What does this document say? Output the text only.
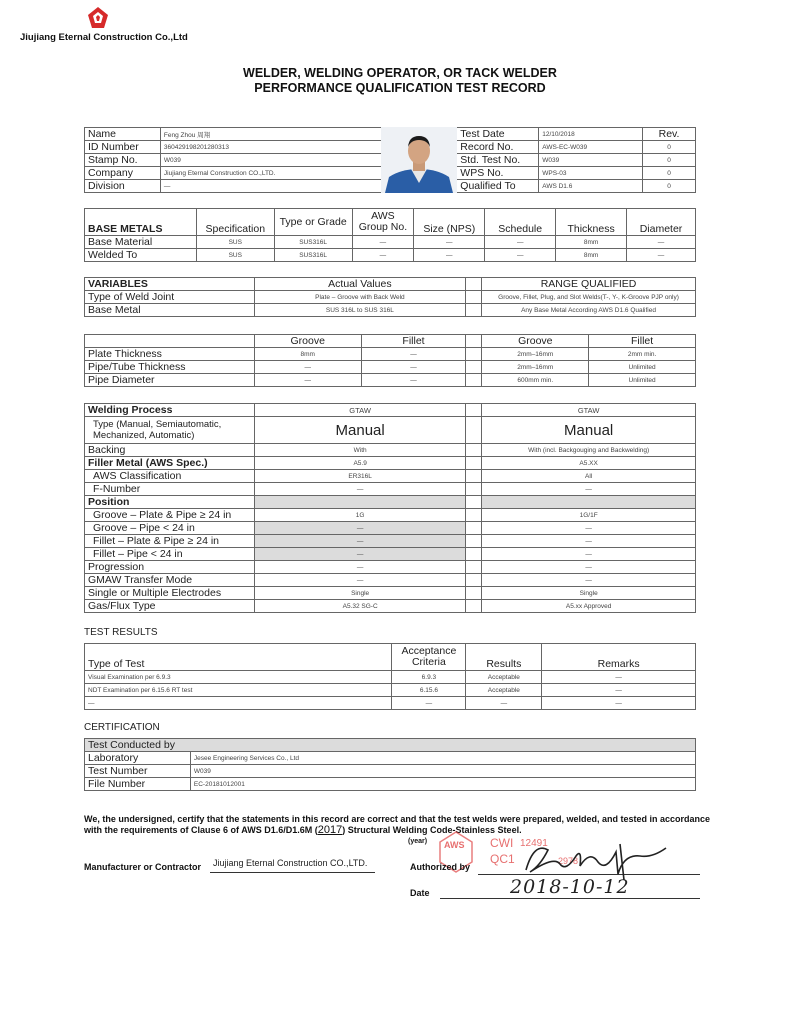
Jiujiang Eternal Construction Co.,Ltd
WELDER, WELDING OPERATOR, OR TACK WELDER
PERFORMANCE QUALIFICATION TEST RECORD
Name	Feng Zhou 周翔		Test Date	12/10/2018	Rev.
ID Number	360429198201280313		Record No.	AWS-EC-W039	0
Stamp No.	W039		Std. Test No.	W039	0
Company	Jiujiang Eternal Construction CO.,LTD.		WPS No.	WPS-03	0
Division	—		Qualified To	AWS D1.6	0
BASE METALS	Specification	Type or Grade	AWS Group No.	Size (NPS)	Schedule	Thickness	Diameter
Base Material	SUS	SUS316L	—	—	—	8mm	—
Welded To	SUS	SUS316L	—	—	—	8mm	—
VARIABLES	Actual Values		RANGE QUALIFIED
Type of Weld Joint	Plate – Groove with Back Weld		Groove, Fillet, Plug, and Slot Welds(T-, Y-, K-Groove PJP only)
Base Metal	SUS 316L to SUS 316L		Any Base Metal According AWS D1.6 Qualified
	Groove	Fillet		Groove	Fillet
Plate Thickness	8mm	—		2mm–16mm	2mm min.
Pipe/Tube Thickness	—	—		2mm–16mm	Unlimited
Pipe Diameter	—	—		600mm min.	Unlimited
Welding Process	GTAW		GTAW
Type (Manual, Semiautomatic, Mechanized, Automatic)	Manual		Manual
Backing	With		With (incl. Backgouging and Backwelding)
Filler Metal (AWS Spec.)	A5.9		A5.XX
AWS Classification	ER316L		All
F-Number	—		—
Position			
Groove – Plate & Pipe ≥ 24 in	1G		1G/1F
Groove – Pipe < 24 in	—		—
Fillet – Plate & Pipe ≥ 24 in	—		—
Fillet – Pipe < 24 in	—		—
Progression	—		—
GMAW Transfer Mode	—		—
Single or Multiple Electrodes	Single		Single
Gas/Flux Type	A5.32 SG-C		A5.xx Approved
TEST RESULTS
Type of Test	Acceptance Criteria	Results	Remarks
Visual Examination per 6.9.3	6.9.3	Acceptable	—
NDT Examination per 6.15.6 RT test	6.15.6	Acceptable	—
—	—	—	—
CERTIFICATION
Test Conducted by	
Laboratory	Jesee Engineering Services Co., Ltd
Test Number	W039
File Number	EC-20181012001
We, the undersigned, certify that the statements in this record are correct and that the test welds were prepared, welded, and tested in accordance with the requirements of Clause 6 of AWS D1.6/D1.6M (2017) Structural Welding Code-Stainless Steel.
(year) AWS CWI 12491
QC1	2978
Manufacturer or Contractor Jiujiang Eternal Construction CO.,LTD.	Authorized by
Date	2018-10-12
